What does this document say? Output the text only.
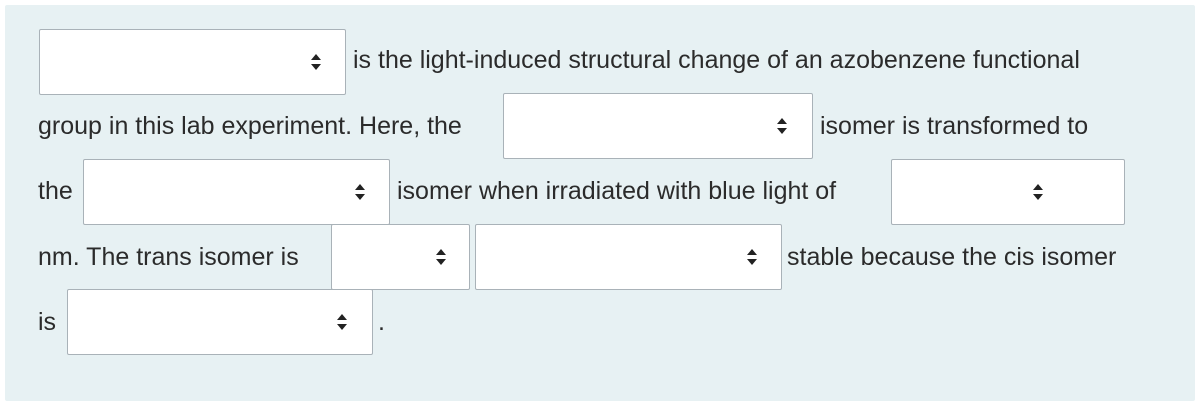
is the light-induced structural change of an azobenzene functional
group in this lab experiment. Here, the	isomer is transformed to
the	isomer when irradiated with blue light of
nm. The trans isomer is	stable because the cis isomer
is	.
